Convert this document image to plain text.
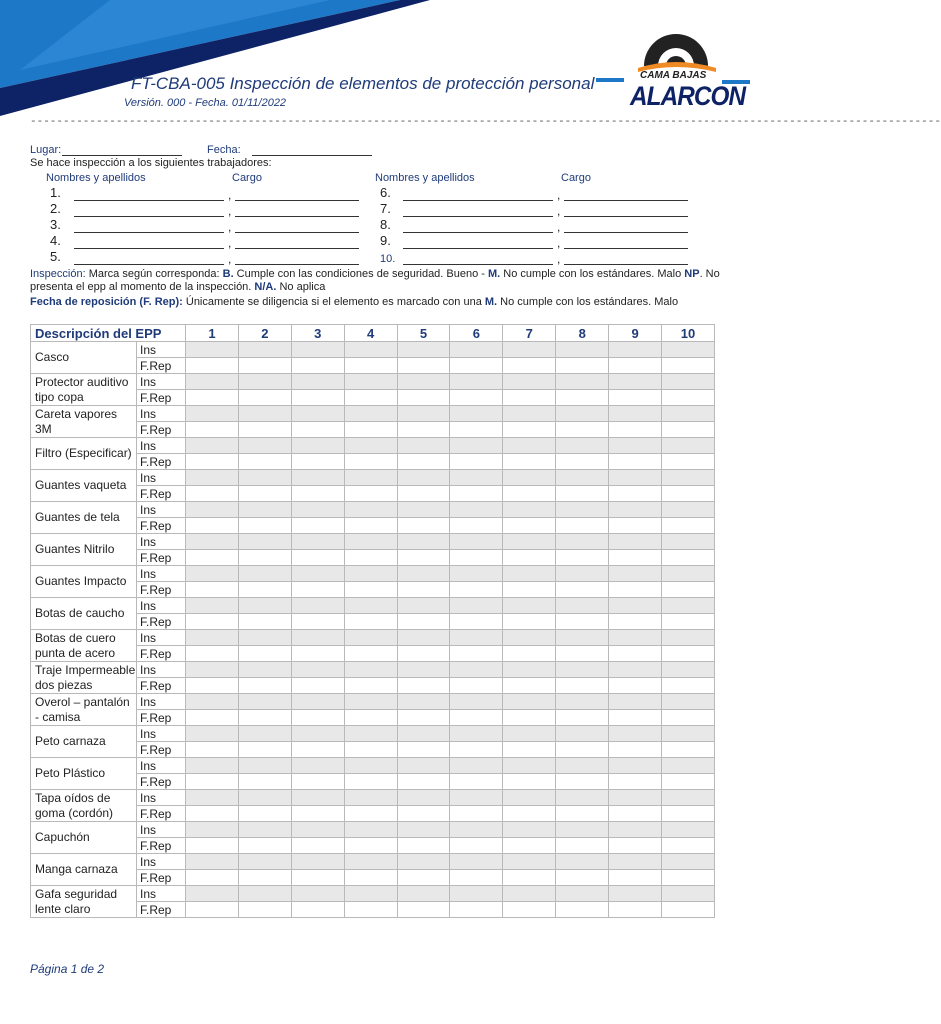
FT-CBA-005 Inspección de elementos de protección personal
Versión. 000 - Fecha. 01/11/2022
CAMA BAJAS
ALARCON
------------------------------------------------------------------------------------------------------------------------------------------
Lugar:	Fecha:
Se hace inspección a los siguientes trabajadores:
Nombres y apellidos	Cargo	Nombres y apellidos	Cargo
1.	,
2.	,
3.	,
4.	,
5.	,
6.	,
7.	,
8.	,
9.	,
10.	,
Inspección: Marca según corresponda: B. Cumple con las condiciones de seguridad. Bueno - M. No cumple con los estándares. Malo NP. No presenta el epp al momento de la inspección. N/A. No aplica
Fecha de reposición (F. Rep): Únicamente se diligencia si el elemento es marcado con una M. No cumple con los estándares. Malo
Descripción del EPP		1	2	3	4	5	6	7	8	9	10
Casco	Ins										
	F.Rep										
Protector auditivo tipo copa	Ins										
	F.Rep										
Careta vapores 3M	Ins										
	F.Rep										
Filtro (Especificar)	Ins										
	F.Rep										
Guantes vaqueta	Ins										
	F.Rep										
Guantes de tela	Ins										
	F.Rep										
Guantes Nitrilo	Ins										
	F.Rep										
Guantes Impacto	Ins										
	F.Rep										
Botas de caucho	Ins										
	F.Rep										
Botas de cuero punta de acero	Ins										
	F.Rep										
Traje Impermeable dos piezas	Ins										
	F.Rep										
Overol – pantalón - camisa	Ins										
	F.Rep										
Peto carnaza	Ins										
	F.Rep										
Peto Plástico	Ins										
	F.Rep										
Tapa oídos de goma (cordón)	Ins										
	F.Rep										
Capuchón	Ins										
	F.Rep										
Manga carnaza	Ins										
	F.Rep										
Gafa seguridad lente claro	Ins										
	F.Rep										
Página 1 de 2
